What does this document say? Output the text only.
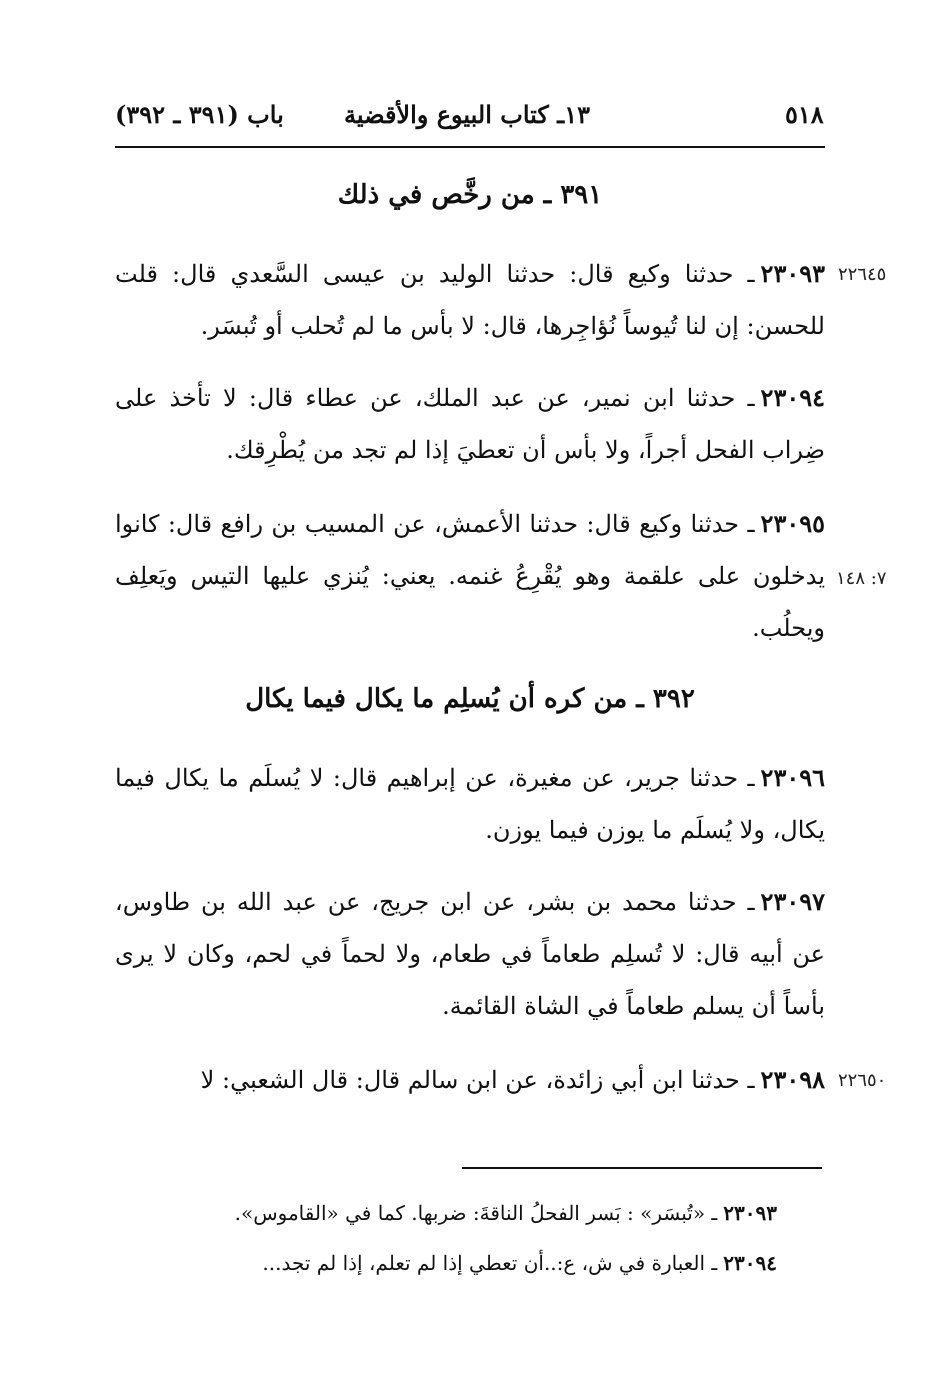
٥١٨
١٣ـ كتاب البيوع والأقضية
باب (٣٩١ ـ ٣٩٢)
٣٩١ ـ من رخَّص في ذلك
٢٢٦٤٥
٢٣٠٩٣ـ حدثنا وكيع قال: حدثنا الوليد بن عيسى السَّعدي قال: قلت للحسن: إن لنا تُيوساً نُؤاجِرها، قال: لا بأس ما لم تُحلب أو تُبسَر.
٢٣٠٩٤ـ حدثنا ابن نمير، عن عبد الملك، عن عطاء قال: لا تأخذ على ضِراب الفحل أجراً، ولا بأس أن تعطيَ إذا لم تجد من يُطْرِقك.
٧: ١٤٨
٢٣٠٩٥ـ حدثنا وكيع قال: حدثنا الأعمش، عن المسيب بن رافع قال: كانوا يدخلون على علقمة وهو يُقْرِعُ غنمه. يعني: يُنزي عليها التيس ويَعلِف ويحلُب.
٣٩٢ ـ من كره أن يُسلِم ما يكال فيما يكال
٢٣٠٩٦ـ حدثنا جرير، عن مغيرة، عن إبراهيم قال: لا يُسلَم ما يكال فيما يكال، ولا يُسلَم ما يوزن فيما يوزن.
٢٣٠٩٧ـ حدثنا محمد بن بشر، عن ابن جريج، عن عبد الله بن طاوس، عن أبيه قال: لا تُسلِم طعاماً في طعام، ولا لحماً في لحم، وكان لا يرى بأساً أن يسلم طعاماً في الشاة القائمة.
٢٢٦٥٠
٢٣٠٩٨ـ حدثنا ابن أبي زائدة، عن ابن سالم قال: قال الشعبي: لا
٢٣٠٩٣ـ «تُبسَر» : بَسر الفحلُ الناقةَ: ضربها. كما في «القاموس».
٢٣٠٩٤ـ العبارة في ش، ع:..أن تعطي إذا لم تعلم، إذا لم تجد...
